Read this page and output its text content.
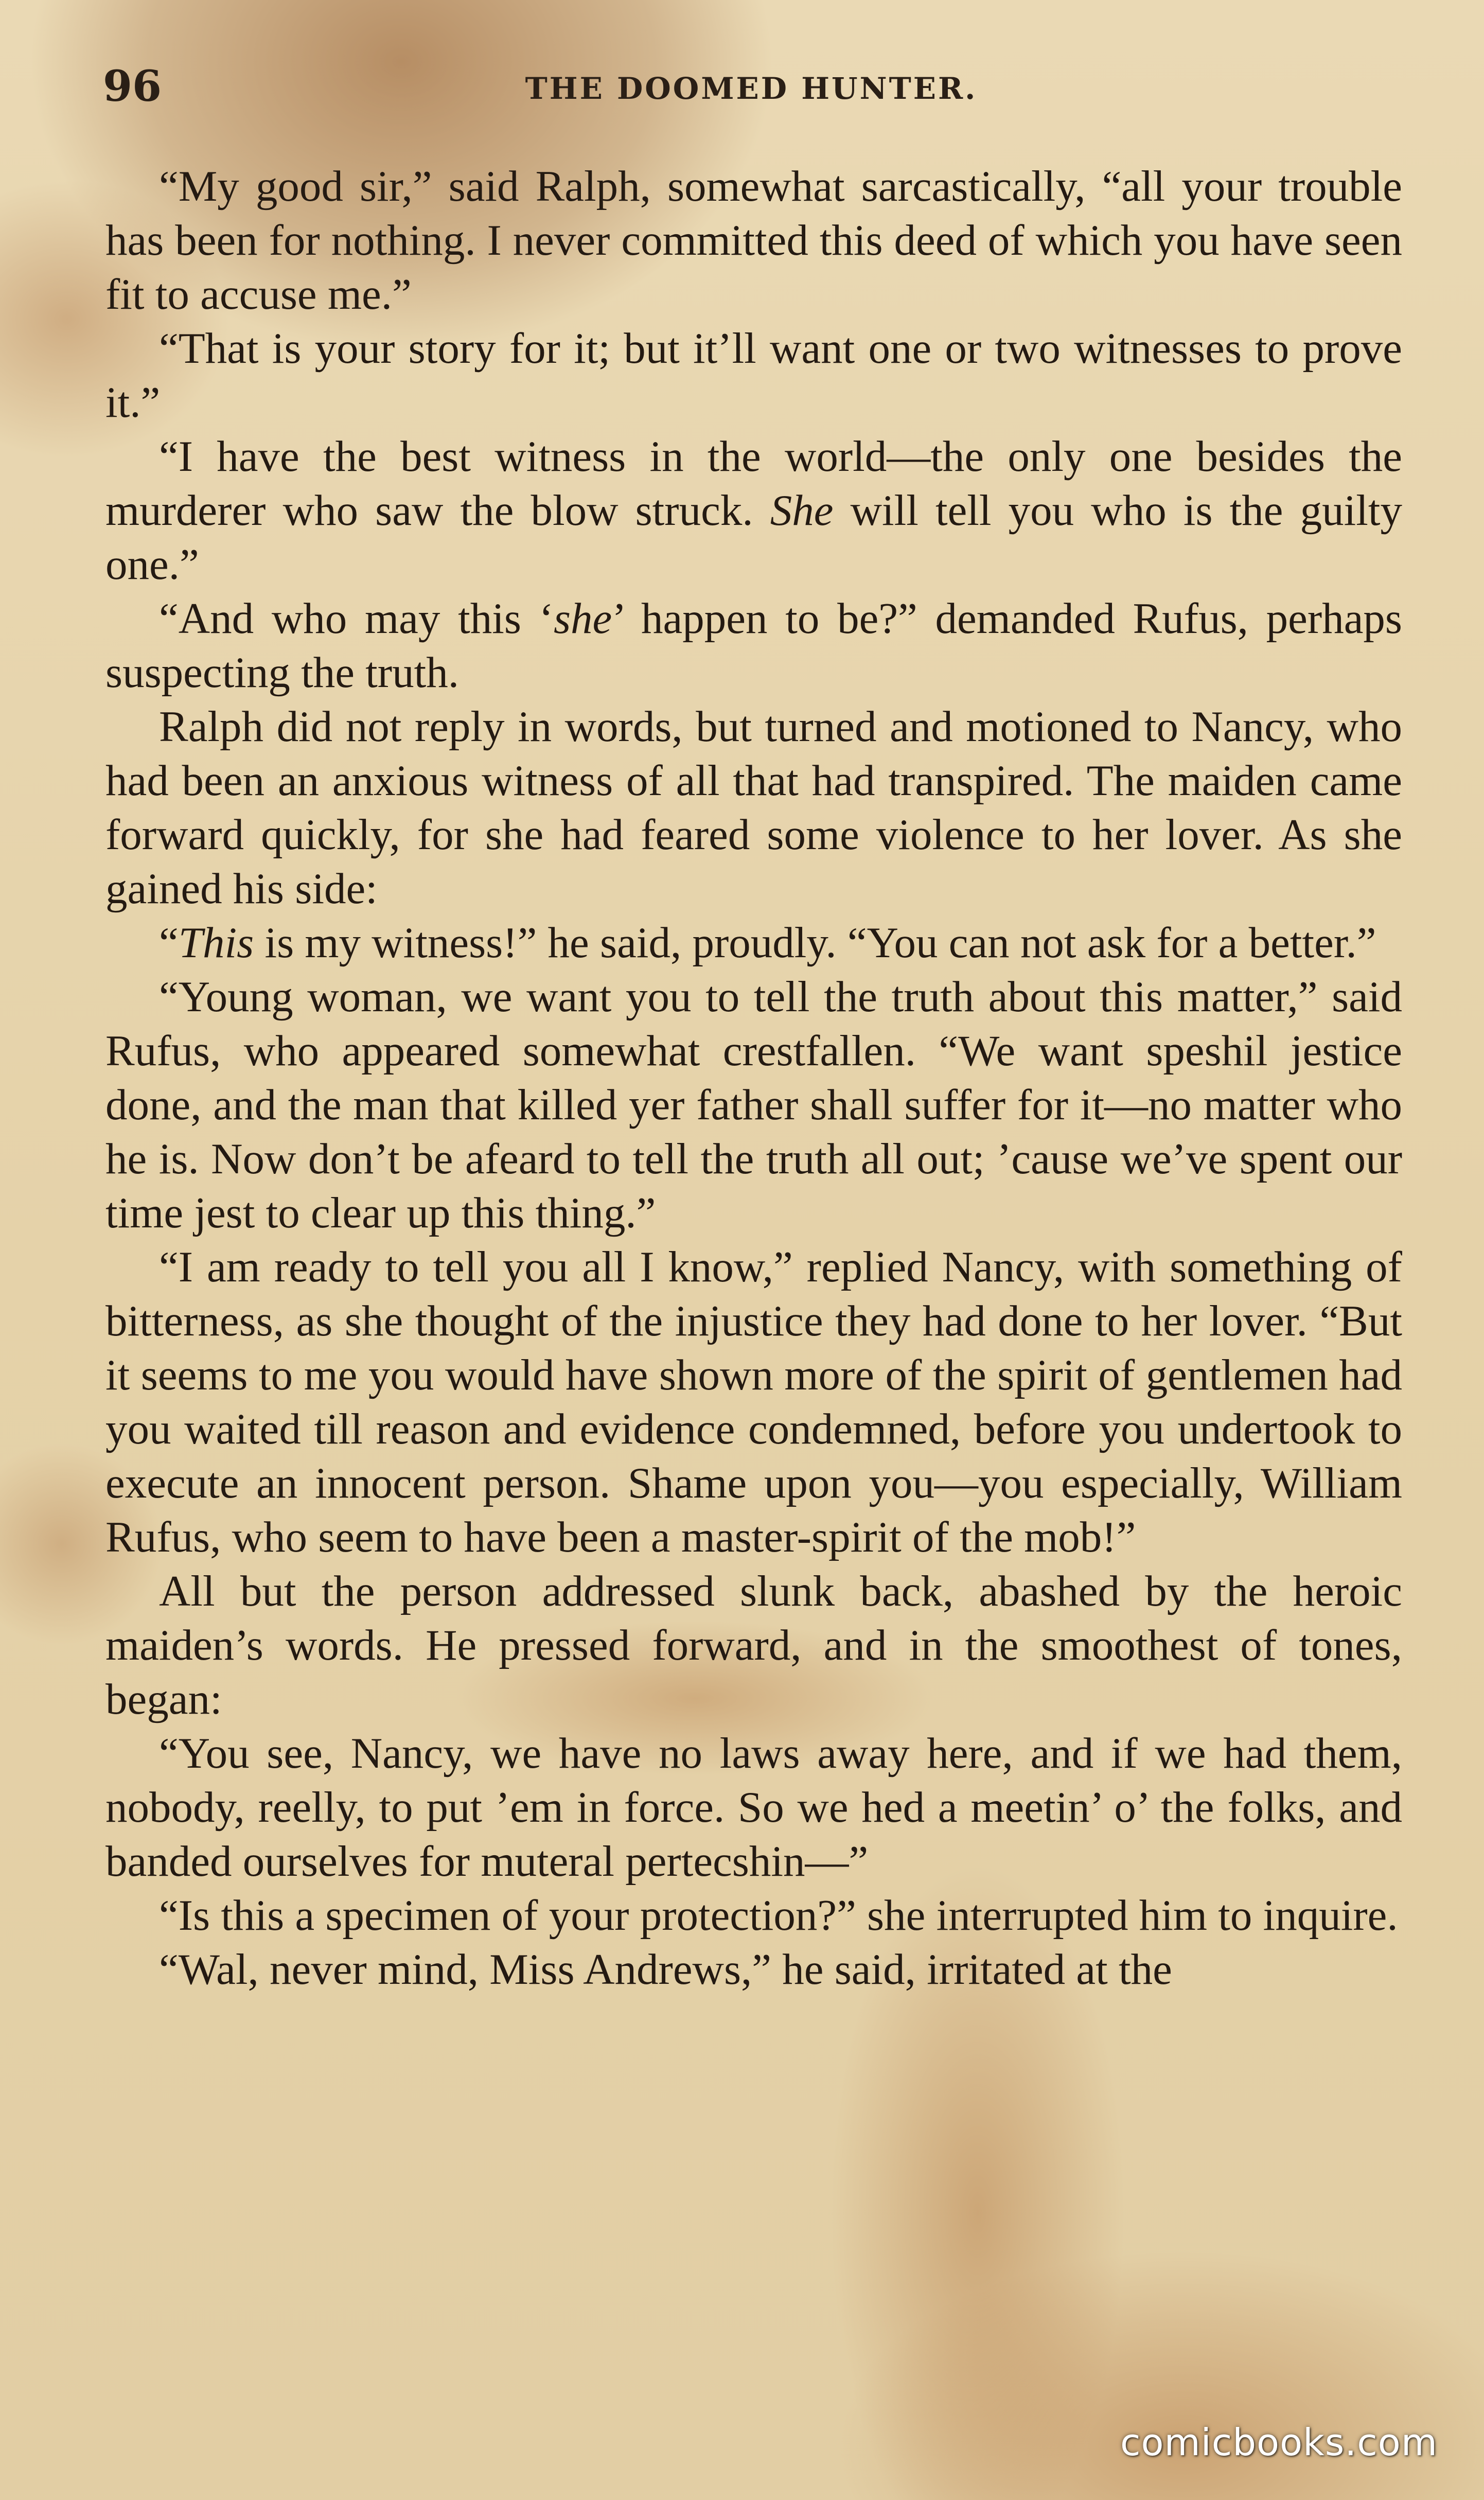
96	THE DOOMED HUNTER.

“My good sir,” said Ralph, somewhat sarcastically, “all your trouble has been for nothing. I never committed this deed of which you have seen fit to accuse me.”

“That is your story for it; but it’ll want one or two witnesses to prove it.”

“I have the best witness in the world—the only one besides the murderer who saw the blow struck. She will tell you who is the guilty one.”

“And who may this ‘she’ happen to be?” demanded Rufus, perhaps suspecting the truth.

Ralph did not reply in words, but turned and motioned to Nancy, who had been an anxious witness of all that had transpired. The maiden came forward quickly, for she had feared some violence to her lover. As she gained his side:

“This is my witness!” he said, proudly. “You can not ask for a better.”

“Young woman, we want you to tell the truth about this matter,” said Rufus, who appeared somewhat crestfallen. “We want speshil jestice done, and the man that killed yer father shall suffer for it—no matter who he is. Now don’t be afeard to tell the truth all out; ’cause we’ve spent our time jest to clear up this thing.”

“I am ready to tell you all I know,” replied Nancy, with something of bitterness, as she thought of the injustice they had done to her lover. “But it seems to me you would have shown more of the spirit of gentlemen had you waited till reason and evidence condemned, before you undertook to execute an innocent person. Shame upon you—you especially, William Rufus, who seem to have been a master-spirit of the mob!”

All but the person addressed slunk back, abashed by the heroic maiden’s words. He pressed forward, and in the smoothest of tones, began:

“You see, Nancy, we have no laws away here, and if we had them, nobody, reelly, to put ’em in force. So we hed a meetin’ o’ the folks, and banded ourselves for muteral pertecshin—”

“Is this a specimen of your protection?” she interrupted him to inquire.

“Wal, never mind, Miss Andrews,” he said, irritated at the

comicbooks.com
